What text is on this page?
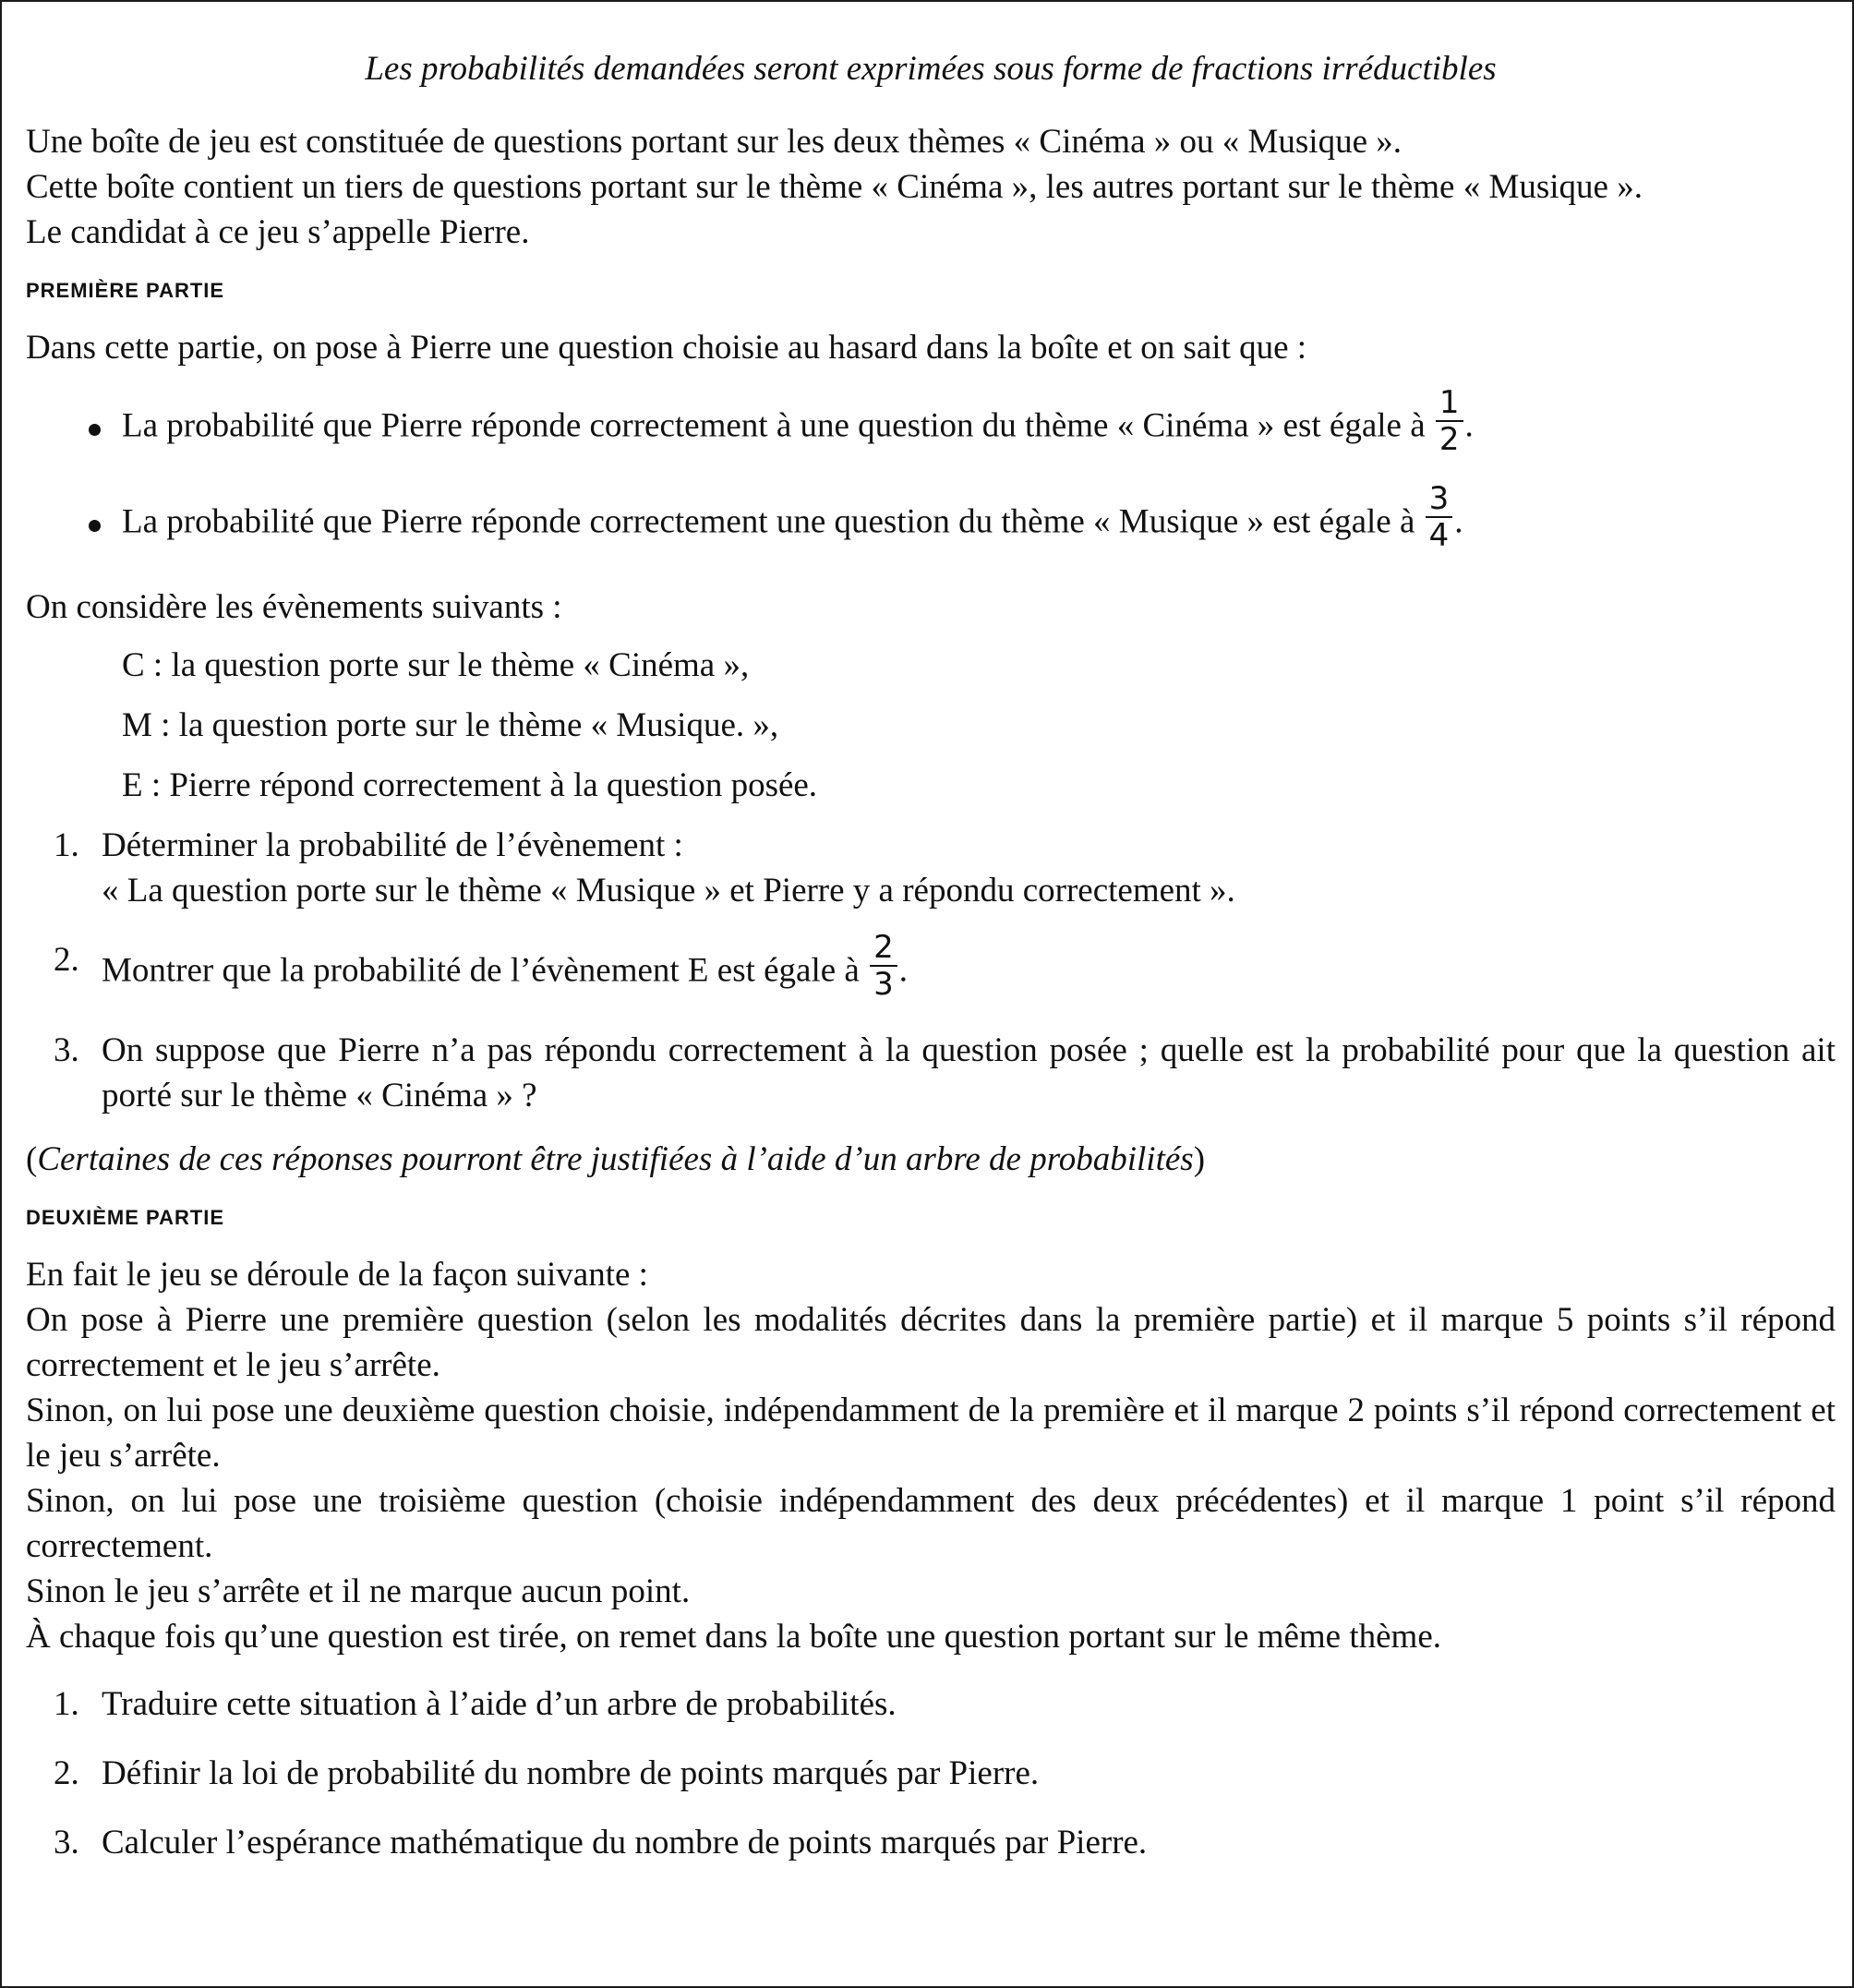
Les probabilités demandées seront exprimées sous forme de fractions irréductibles

Une boîte de jeu est constituée de questions portant sur les deux thèmes « Cinéma » ou « Musique ».

Cette boîte contient un tiers de questions portant sur le thème « Cinéma », les autres portant sur le thème « Musique ».

Le candidat à ce jeu s’appelle Pierre.

PREMIÈRE PARTIE

Dans cette partie, on pose à Pierre une question choisie au hasard dans la boîte et on sait que :

La probabilité que Pierre réponde correctement à une question du thème « Cinéma » est égale à $\frac{1}{2}$ .
La probabilité que Pierre réponde correctement une question du thème « Musique » est égale à $\frac{3}{4}$ .

On considère les évènements suivants :

C : la question porte sur le thème « Cinéma »,

M : la question porte sur le thème « Musique. »,

E : Pierre répond correctement à la question posée.

1. Déterminer la probabilité de l’évènement :

« La question porte sur le thème « Musique » et Pierre y a répondu correctement ».

2. Montrer que la probabilité de l’évènement E est égale à $\frac{2}{3}$ .
3. On suppose que Pierre n’a pas répondu correctement à la question posée ; quelle est la probabilité pour que la question ait porté sur le thème « Cinéma » ?

(Certaines de ces réponses pourront être justifiées à l’aide d’un arbre de probabilités)

DEUXIÈME PARTIE

En fait le jeu se déroule de la façon suivante :

On pose à Pierre une première question (selon les modalités décrites dans la première partie) et il marque 5 points s’il répond correctement et le jeu s’arrête.

Sinon, on lui pose une deuxième question choisie, indépendamment de la première et il marque 2 points s’il répond correctement et le jeu s’arrête.

Sinon, on lui pose une troisième question (choisie indépendamment des deux précédentes) et il marque 1 point s’il répond correctement.

Sinon le jeu s’arrête et il ne marque aucun point.

À chaque fois qu’une question est tirée, on remet dans la boîte une question portant sur le même thème.

1. Traduire cette situation à l’aide d’un arbre de probabilités.
2. Définir la loi de probabilité du nombre de points marqués par Pierre.
3. Calculer l’espérance mathématique du nombre de points marqués par Pierre.
